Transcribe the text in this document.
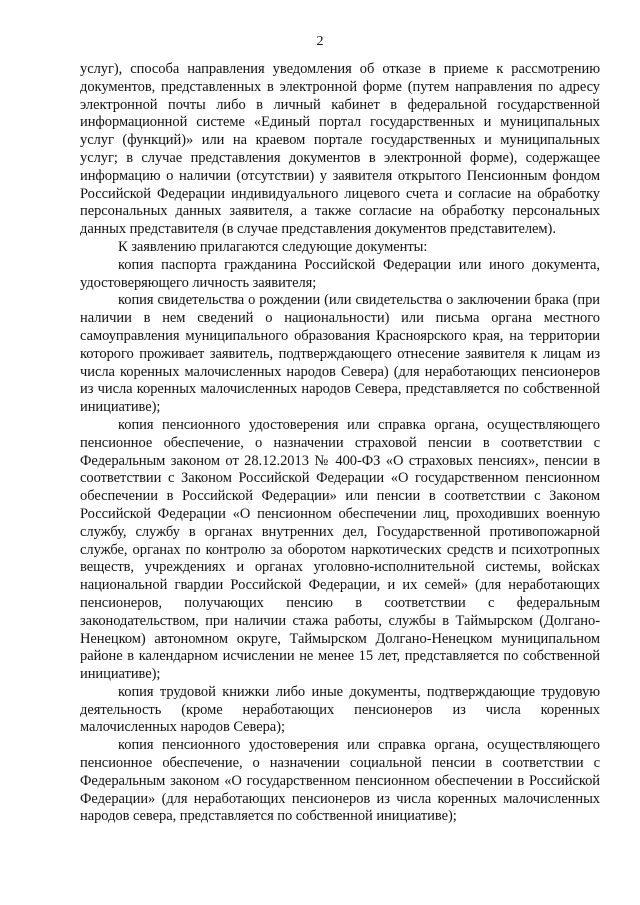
2

услуг), способа направления уведомления об отказе в приеме к рассмотрению документов, представленных в электронной форме (путем направления по адресу электронной почты либо в личный кабинет в федеральной государственной информационной системе «Единый портал государственных и муниципальных услуг (функций)» или на краевом портале государственных и муниципальных услуг; в случае представления документов в электронной форме), содержащее информацию о наличии (отсутствии) у заявителя открытого Пенсионным фондом Российской Федерации индивидуального лицевого счета и согласие на обработку персональных данных заявителя, а также согласие на обработку персональных данных представителя (в случае представления документов представителем).

К заявлению прилагаются следующие документы:

копия паспорта гражданина Российской Федерации или иного документа, удостоверяющего личность заявителя;

копия свидетельства о рождении (или свидетельства о заключении брака (при наличии в нем сведений о национальности) или письма органа местного самоуправления муниципального образования Красноярского края, на территории которого проживает заявитель, подтверждающего отнесение заявителя к лицам из числа коренных малочисленных народов Севера) (для неработающих пенсионеров из числа коренных малочисленных народов Севера, представляется по собственной инициативе);

копия пенсионного удостоверения или справка органа, осуществляющего пенсионное обеспечение, о назначении страховой пенсии в соответствии с Федеральным законом от 28.12.2013 № 400-ФЗ «О страховых пенсиях», пенсии в соответствии с Законом Российской Федерации «О государственном пенсионном обеспечении в Российской Федерации» или пенсии в соответствии с Законом Российской Федерации «О пенсионном обеспечении лиц, проходивших военную службу, службу в органах внутренних дел, Государственной противопожарной службе, органах по контролю за оборотом наркотических средств и психотропных веществ, учреждениях и органах уголовно-исполнительной системы, войсках национальной гвардии Российской Федерации, и их семей» (для неработающих пенсионеров, получающих пенсию в соответствии с федеральным законодательством, при наличии стажа работы, службы в Таймырском (Долгано-Ненецком) автономном округе, Таймырском Долгано-Ненецком муниципальном районе в календарном исчислении не менее 15 лет, представляется по собственной инициативе);

копия трудовой книжки либо иные документы, подтверждающие трудовую деятельность (кроме неработающих пенсионеров из числа коренных малочисленных народов Севера);

копия пенсионного удостоверения или справка органа, осуществляющего пенсионное обеспечение, о назначении социальной пенсии в соответствии с Федеральным законом «О государственном пенсионном обеспечении в Российской Федерации» (для неработающих пенсионеров из числа коренных малочисленных народов севера, представляется по собственной инициативе);
